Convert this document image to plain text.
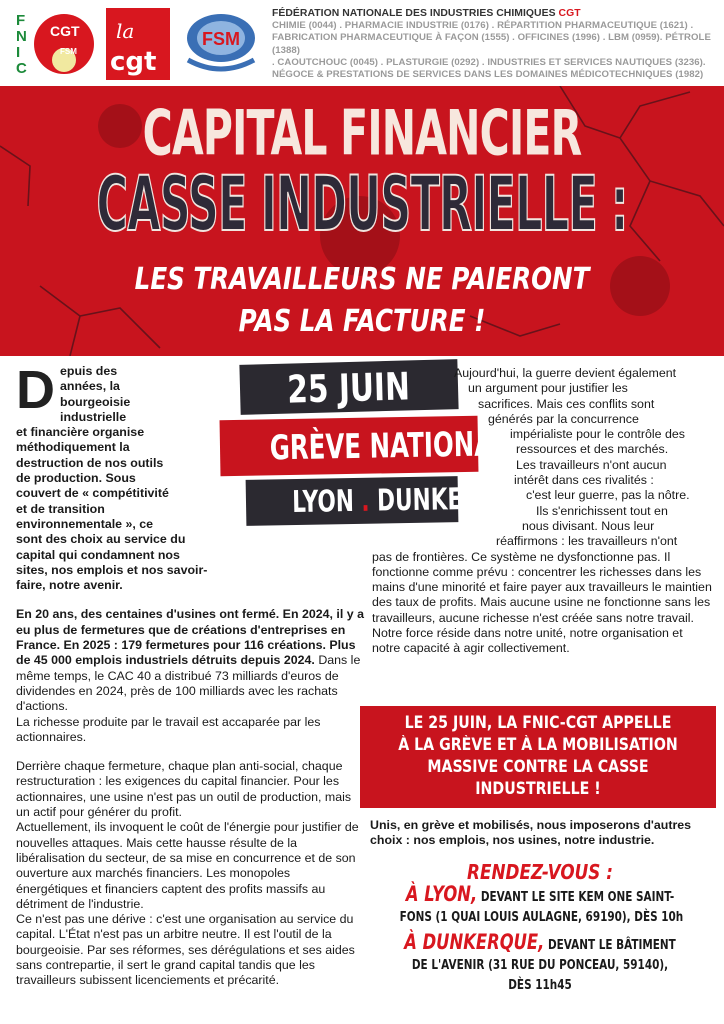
F
N
I
C
CGT
FSM
la
cgt
FSM
FÉDÉRATION NATIONALE DES INDUSTRIES CHIMIQUES CGT
CHIMIE (0044) . PHARMACIE INDUSTRIE (0176) . RÉPARTITION PHARMACEUTIQUE (1621) .
FABRICATION PHARMACEUTIQUE À FAÇON (1555) . OFFICINES (1996) . LBM (0959). PÉTROLE (1388)
. CAOUTCHOUC (0045) . PLASTURGIE (0292) . INDUSTRIES ET SERVICES NAUTIQUES (3236).
NÉGOCE & PRESTATIONS DE SERVICES DANS LES DOMAINES MÉDICOTECHNIQUES (1982)
CAPITAL FINANCIER
CASSE INDUSTRIELLE :
LES TRAVAILLEURS NE PAIERONT
PAS LA FACTURE !
D epuis des années, la
bourgeoisie industrielle
et financière organise
méthodiquement la
destruction de nos outils
de production. Sous
couvert de « compétitivité
et de transition
environnementale », ce
sont des choix au service du
capital qui condamnent nos
sites, nos emplois et nos savoir-
faire, notre avenir.

En 20 ans, des centaines d'usines ont fermé. En 2024, il y a eu plus de fermetures que de créations d'entreprises en France. En 2025 : 179 fermetures pour 116 créations. Plus de 45 000 emplois industriels détruits depuis 2024. Dans le même temps, le CAC 40 a distribué 73 milliards d'euros de dividendes en 2024, près de 100 milliards avec les rachats d'actions.

La richesse produite par le travail est accaparée par les actionnaires.

Derrière chaque fermeture, chaque plan anti-social, chaque restructuration : les exigences du capital financier. Pour les actionnaires, une usine n'est pas un outil de production, mais un actif pour générer du profit.

Actuellement, ils invoquent le coût de l'énergie pour justifier de nouvelles attaques. Mais cette hausse résulte de la libéralisation du secteur, de sa mise en concurrence et de son ouverture aux marchés financiers. Les monopoles énergétiques et financiers captent des profits massifs au détriment de l'industrie.

Ce n'est pas une dérive : c'est une organisation au service du capital. L'État n'est pas un arbitre neutre. Il est l'outil de la bourgeoisie. Par ses réformes, ses dérégulations et ses aides sans contrepartie, il sert le grand capital tandis que les travailleurs subissent licenciements et précarité.

25 JUIN
GRÈVE NATIONALE
LYON . DUNKERQUE
Aujourd'hui, la guerre devient également
un argument pour justifier les
sacrifices. Mais ces conflits sont
générés par la concurrence
impérialiste pour le contrôle des
ressources et des marchés.
Les travailleurs n'ont aucun
intérêt dans ces rivalités :
c'est leur guerre, pas la nôtre.
Ils s'enrichissent tout en
nous divisant. Nous leur
réaffirmons : les travailleurs n'ont

pas de frontières. Ce système ne dysfonctionne pas. Il fonctionne comme prévu : concentrer les richesses dans les mains d'une minorité et faire payer aux travailleurs le maintien des taux de profits. Mais aucune usine ne fonctionne sans les travailleurs, aucune richesse n'est créée sans notre travail. Notre force réside dans notre unité, notre organisation et notre capacité à agir collectivement.

LE 25 JUIN, LA FNIC-CGT APPELLE
À LA GRÈVE ET À LA MOBILISATION
MASSIVE CONTRE LA CASSE
INDUSTRIELLE !
Unis, en grève et mobilisés, nous imposerons d'autres choix : nos emplois, nos usines, notre industrie.
RENDEZ-VOUS :
À LYON, DEVANT LE SITE KEM ONE SAINT-
FONS (1 QUAI LOUIS AULAGNE, 69190), DÈS 10h
À DUNKERQUE, DEVANT LE BÂTIMENT
DE L'AVENIR (31 RUE DU PONCEAU, 59140),
DÈS 11h45
